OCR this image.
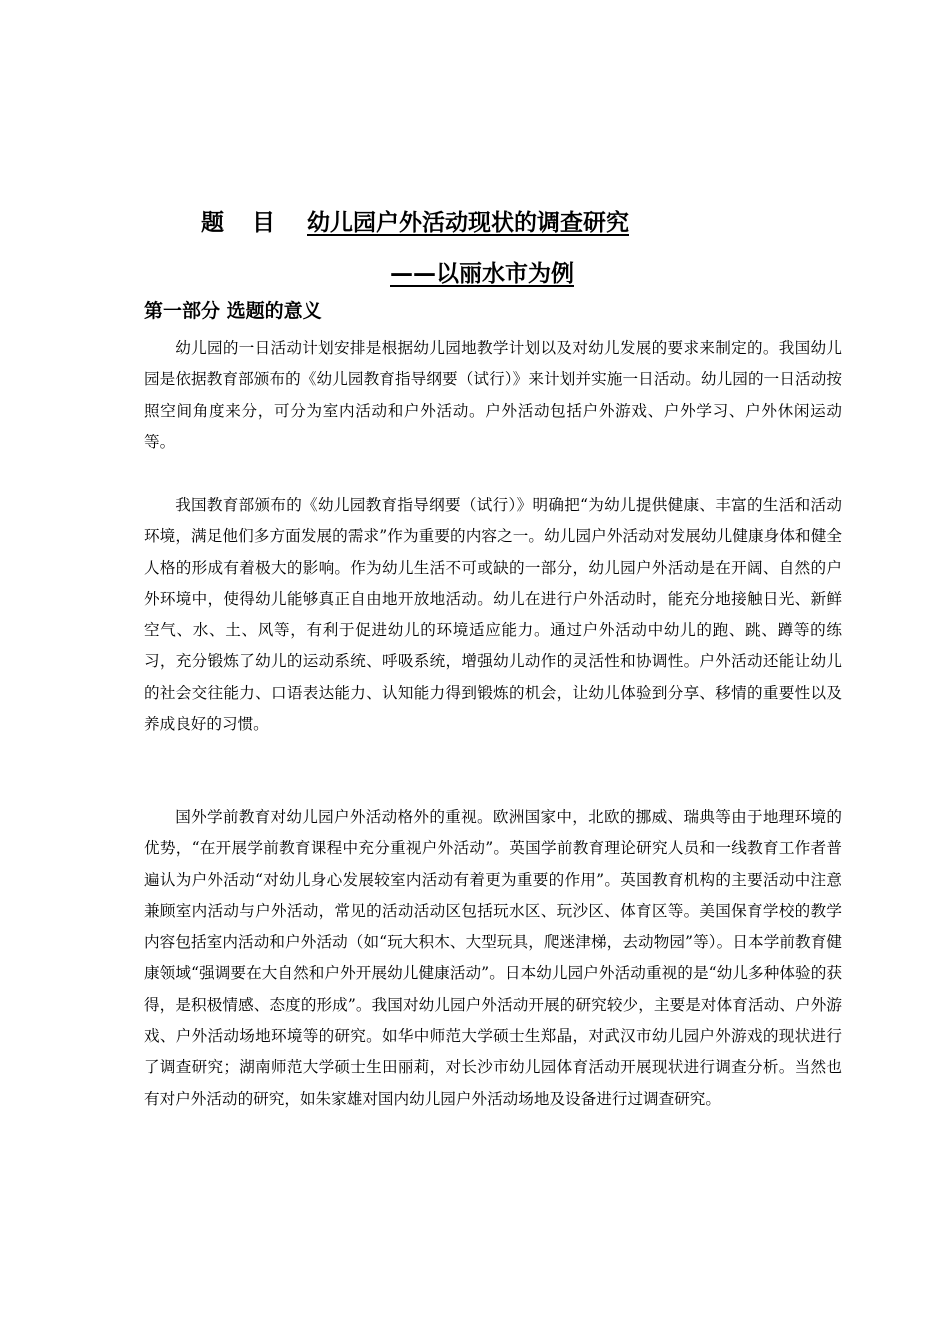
题目 幼儿园户外活动现状的调查研究
——以丽水市为例
第一部分 选题的意义

幼儿园的一日活动计划安排是根据幼儿园地教学计划以及对幼儿发展的要求来制定的。我国幼儿园是依据教育部颁布的《幼儿园教育指导纲要（试行）》来计划并实施一日活动。幼儿园的一日活动按照空间角度来分，可分为室内活动和户外活动。户外活动包括户外游戏、户外学习、户外休闲运动等。

我国教育部颁布的《幼儿园教育指导纲要（试行）》明确把“为幼儿提供健康、丰富的生活和活动环境，满足他们多方面发展的需求”作为重要的内容之一。幼儿园户外活动对发展幼儿健康身体和健全人格的形成有着极大的影响。作为幼儿生活不可或缺的一部分，幼儿园户外活动是在开阔、自然的户外环境中，使得幼儿能够真正自由地开放地活动。幼儿在进行户外活动时，能充分地接触日光、新鲜空气、水、土、风等，有利于促进幼儿的环境适应能力。通过户外活动中幼儿的跑、跳、蹲等的练习，充分锻炼了幼儿的运动系统、呼吸系统，增强幼儿动作的灵活性和协调性。户外活动还能让幼儿的社会交往能力、口语表达能力、认知能力得到锻炼的机会，让幼儿体验到分享、移情的重要性以及养成良好的习惯。

国外学前教育对幼儿园户外活动格外的重视。欧洲国家中，北欧的挪威、瑞典等由于地理环境的优势，“在开展学前教育课程中充分重视户外活动”。英国学前教育理论研究人员和一线教育工作者普遍认为户外活动“对幼儿身心发展较室内活动有着更为重要的作用”。英国教育机构的主要活动中注意兼顾室内活动与户外活动，常见的活动活动区包括玩水区、玩沙区、体育区等。美国保育学校的教学内容包括室内活动和户外活动（如“玩大积木、大型玩具，爬迷津梯，去动物园”等）。日本学前教育健康领域“强调要在大自然和户外开展幼儿健康活动”。日本幼儿园户外活动重视的是“幼儿多种体验的获得，是积极情感、态度的形成”。我国对幼儿园户外活动开展的研究较少，主要是对体育活动、户外游戏、户外活动场地环境等的研究。如华中师范大学硕士生郑晶，对武汉市幼儿园户外游戏的现状进行了调查研究；湖南师范大学硕士生田丽莉，对长沙市幼儿园体育活动开展现状进行调查分析。当然也有对户外活动的研究，如朱家雄对国内幼儿园户外活动场地及设备进行过调查研究。
